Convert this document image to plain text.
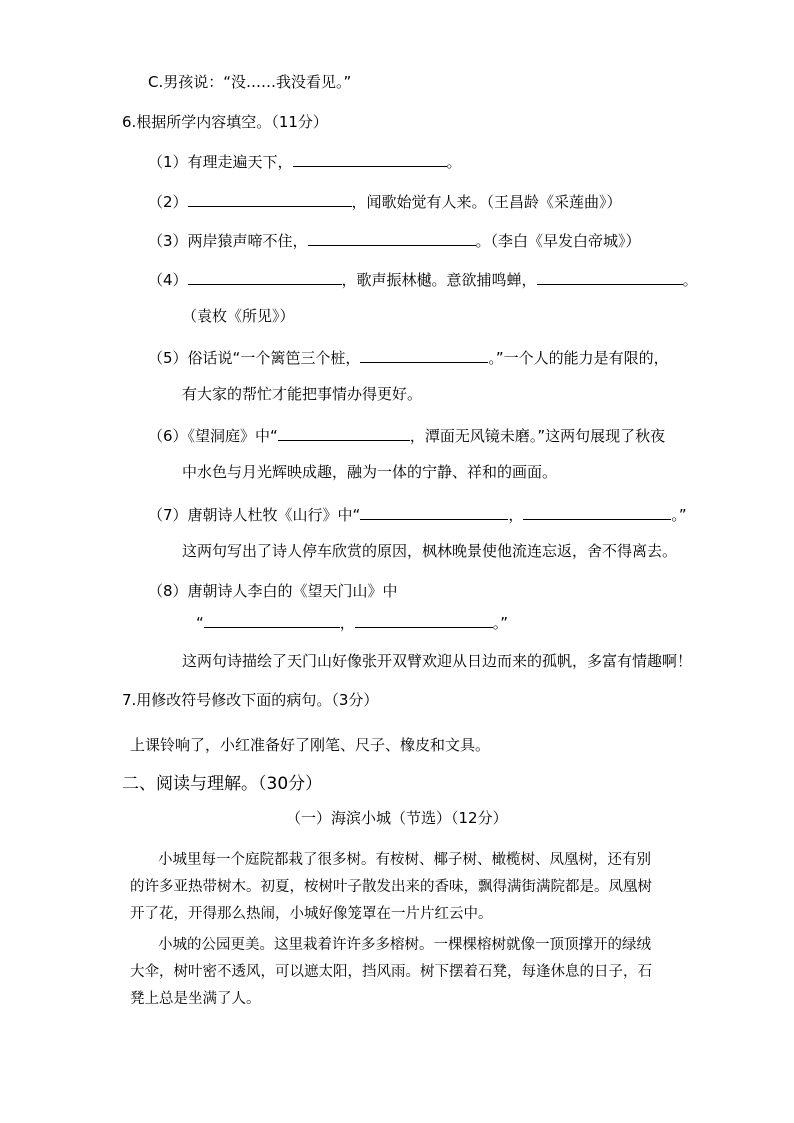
C.男孩说：“没……我没看见。”
6.根据所学内容填空。（11分）
（1）有理走遍天下，	。
（2）	，闻歌始觉有人来。（王昌龄《采莲曲》）
（3）两岸猿声啼不住，	。（李白《早发白帝城》）
（4）	，歌声振林樾。意欲捕鸣蝉，	。
（袁枚《所见》）
（5）俗话说“一个篱笆三个桩，	。”一个人的能力是有限的，
有大家的帮忙才能把事情办得更好。
（6）《望洞庭》中“	，潭面无风镜未磨。”这两句展现了秋夜
中水色与月光辉映成趣，融为一体的宁静、祥和的画面。
（7）唐朝诗人杜牧《山行》中“	，	。”
这两句写出了诗人停车欣赏的原因，枫林晚景使他流连忘返，舍不得离去。
（8）唐朝诗人李白的《望天门山》中
“	，	。”
这两句诗描绘了天门山好像张开双臂欢迎从日边而来的孤帆，多富有情趣啊！
7.用修改符号修改下面的病句。（3分）
上课铃响了，小红准备好了刚笔、尺子、橡皮和文具。
二、阅读与理解。（30分）
（一）海滨小城（节选）（12分）
小城里每一个庭院都栽了很多树。有桉树、椰子树、橄榄树、凤凰树，还有别
的许多亚热带树木。初夏，桉树叶子散发出来的香味，飘得满街满院都是。凤凰树
开了花，开得那么热闹，小城好像笼罩在一片片红云中。
小城的公园更美。这里栽着许许多多榕树。一棵棵榕树就像一顶顶撑开的绿绒
大伞，树叶密不透风，可以遮太阳，挡风雨。树下摆着石凳，每逢休息的日子，石
凳上总是坐满了人。
